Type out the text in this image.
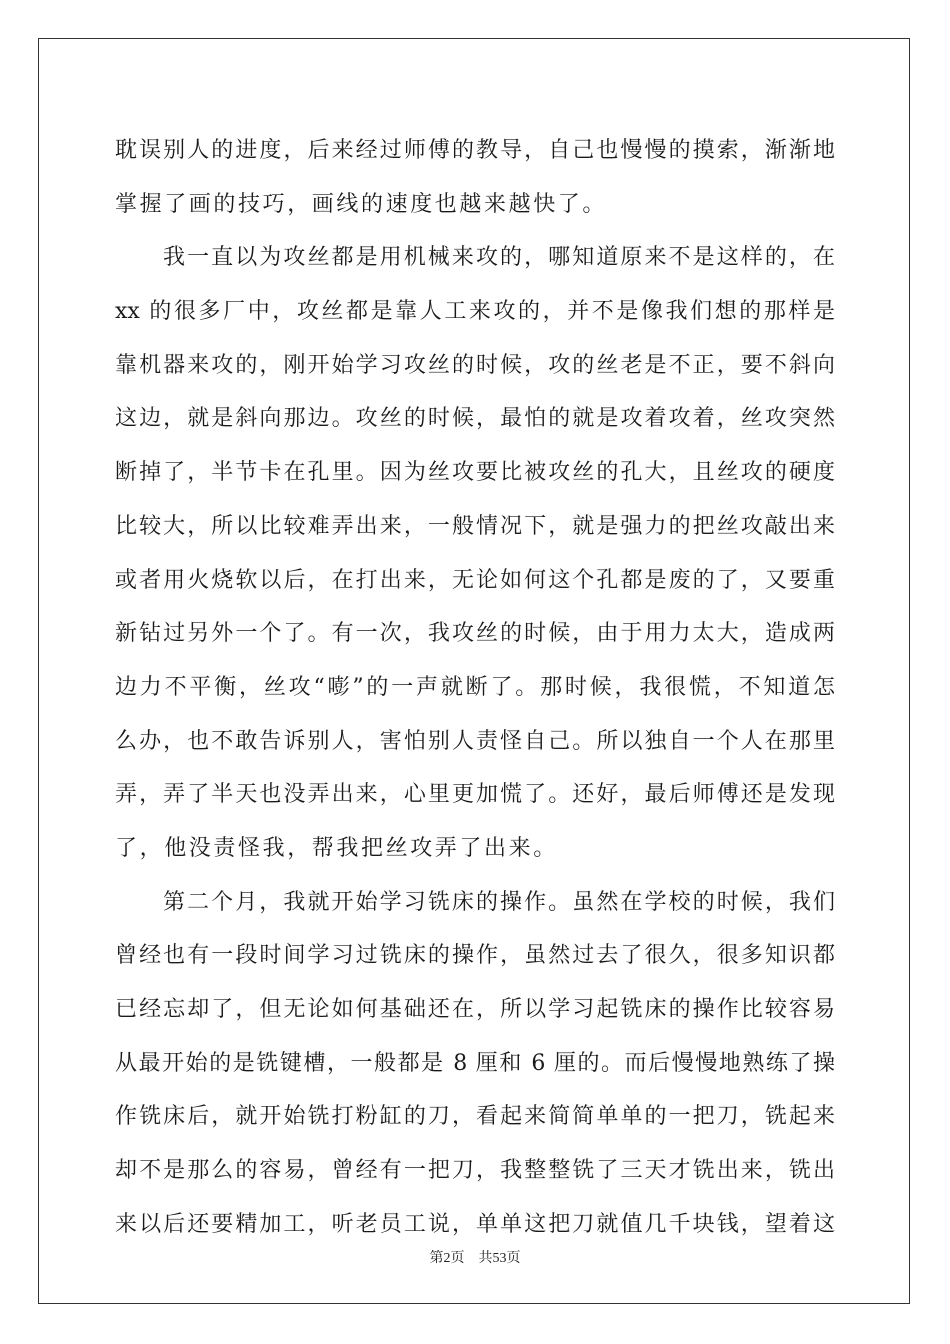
耽误别人的进度，后来经过师傅的教导，自己也慢慢的摸索，渐渐地
掌握了画的技巧，画线的速度也越来越快了。
我一直以为攻丝都是用机械来攻的，哪知道原来不是这样的，在
xx 的很多厂中，攻丝都是靠人工来攻的，并不是像我们想的那样是
靠机器来攻的，刚开始学习攻丝的时候，攻的丝老是不正，要不斜向
这边，就是斜向那边。攻丝的时候，最怕的就是攻着攻着，丝攻突然
断掉了，半节卡在孔里。因为丝攻要比被攻丝的孔大，且丝攻的硬度
比较大，所以比较难弄出来，一般情况下，就是强力的把丝攻敲出来
或者用火烧软以后，在打出来，无论如何这个孔都是废的了，又要重
新钻过另外一个了。有一次，我攻丝的时候，由于用力太大，造成两
边力不平衡，丝攻“嘭”的一声就断了。那时候，我很慌，不知道怎
么办，也不敢告诉别人，害怕别人责怪自己。所以独自一个人在那里
弄，弄了半天也没弄出来，心里更加慌了。还好，最后师傅还是发现
了，他没责怪我，帮我把丝攻弄了出来。
第二个月，我就开始学习铣床的操作。虽然在学校的时候，我们
曾经也有一段时间学习过铣床的操作，虽然过去了很久，很多知识都
已经忘却了，但无论如何基础还在，所以学习起铣床的操作比较容易
从最开始的是铣键槽，一般都是 8 厘和 6 厘的。而后慢慢地熟练了操
作铣床后，就开始铣打粉缸的刀，看起来简简单单的一把刀，铣起来
却不是那么的容易，曾经有一把刀，我整整铣了三天才铣出来，铣出
来以后还要精加工，听老员工说，单单这把刀就值几千块钱，望着这
第2页 共53页
